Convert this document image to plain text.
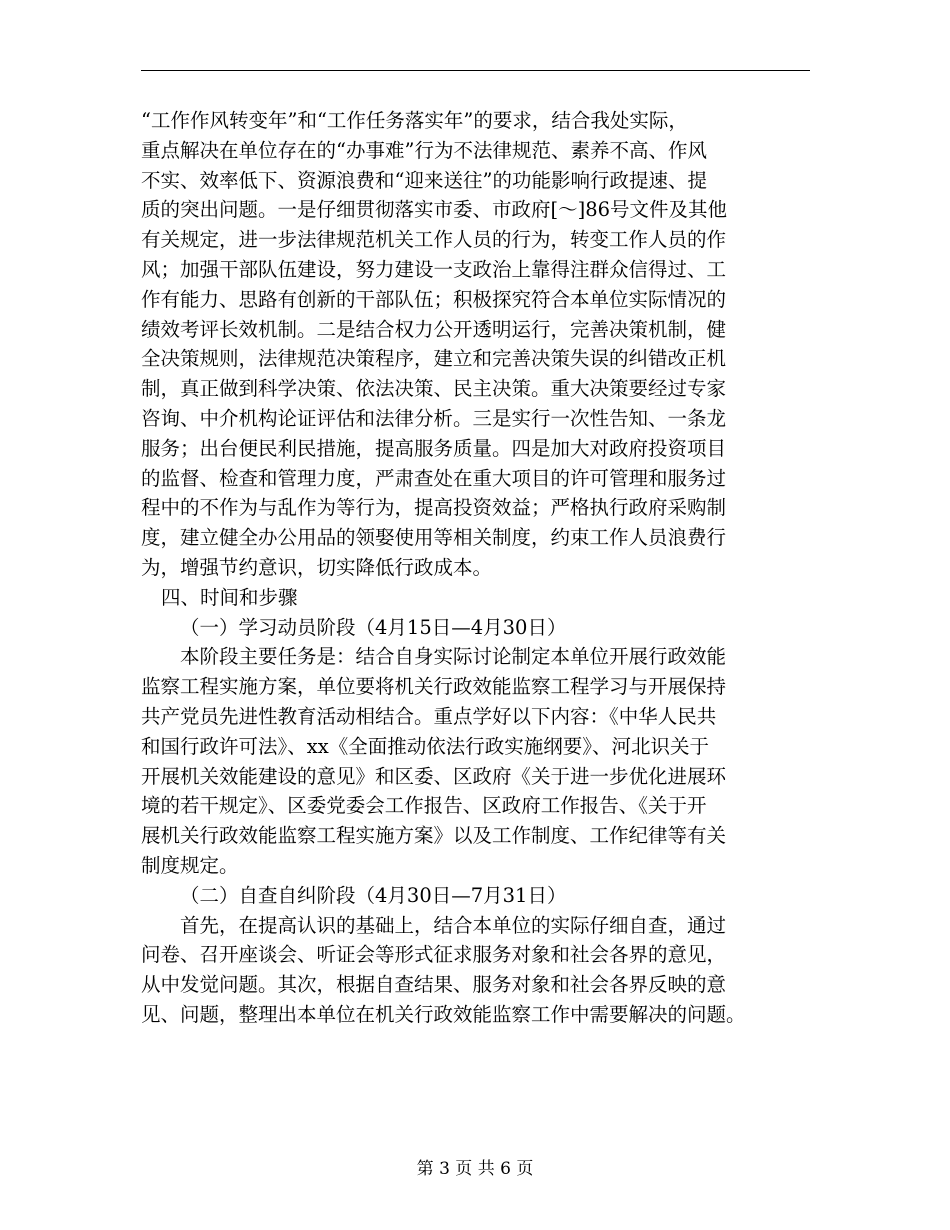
“工作作风转变年”和“工作任务落实年”的要求，结合我处实际，
重点解决在单位存在的“办事难”行为不法律规范、素养不高、作风
不实、效率低下、资源浪费和“迎来送往”的功能影响行政提速、提
质的突出问题。一是仔细贯彻落实市委、市政府[～]86号文件及其他
有关规定，进一步法律规范机关工作人员的行为，转变工作人员的作
风；加强干部队伍建设，努力建设一支政治上靠得注群众信得过、工
作有能力、思路有创新的干部队伍；积极探究符合本单位实际情况的
绩效考评长效机制。二是结合权力公开透明运行，完善决策机制，健
全决策规则，法律规范决策程序，建立和完善决策失误的纠错改正机
制，真正做到科学决策、依法决策、民主决策。重大决策要经过专家
咨询、中介机构论证评估和法律分析。三是实行一次性告知、一条龙
服务；出台便民利民措施，提高服务质量。四是加大对政府投资项目
的监督、检查和管理力度，严肃查处在重大项目的许可管理和服务过
程中的不作为与乱作为等行为，提高投资效益；严格执行政府采购制
度，建立健全办公用品的领娶使用等相关制度，约束工作人员浪费行
为，增强节约意识，切实降低行政成本。
四、时间和步骤
（一）学习动员阶段（4月15日—4月30日）
本阶段主要任务是：结合自身实际讨论制定本单位开展行政效能
监察工程实施方案，单位要将机关行政效能监察工程学习与开展保持
共产党员先进性教育活动相结合。重点学好以下内容：《中华人民共
和国行政许可法》、xx《全面推动依法行政实施纲要》、河北识关于
开展机关效能建设的意见》和区委、区政府《关于进一步优化进展环
境的若干规定》、区委党委会工作报告、区政府工作报告、《关于开
展机关行政效能监察工程实施方案》以及工作制度、工作纪律等有关
制度规定。
（二）自查自纠阶段（4月30日—7月31日）
首先，在提高认识的基础上，结合本单位的实际仔细自查，通过
问卷、召开座谈会、听证会等形式征求服务对象和社会各界的意见，
从中发觉问题。其次，根据自查结果、服务对象和社会各界反映的意
见、问题，整理出本单位在机关行政效能监察工作中需要解决的问题。
第 3 页 共 6 页
